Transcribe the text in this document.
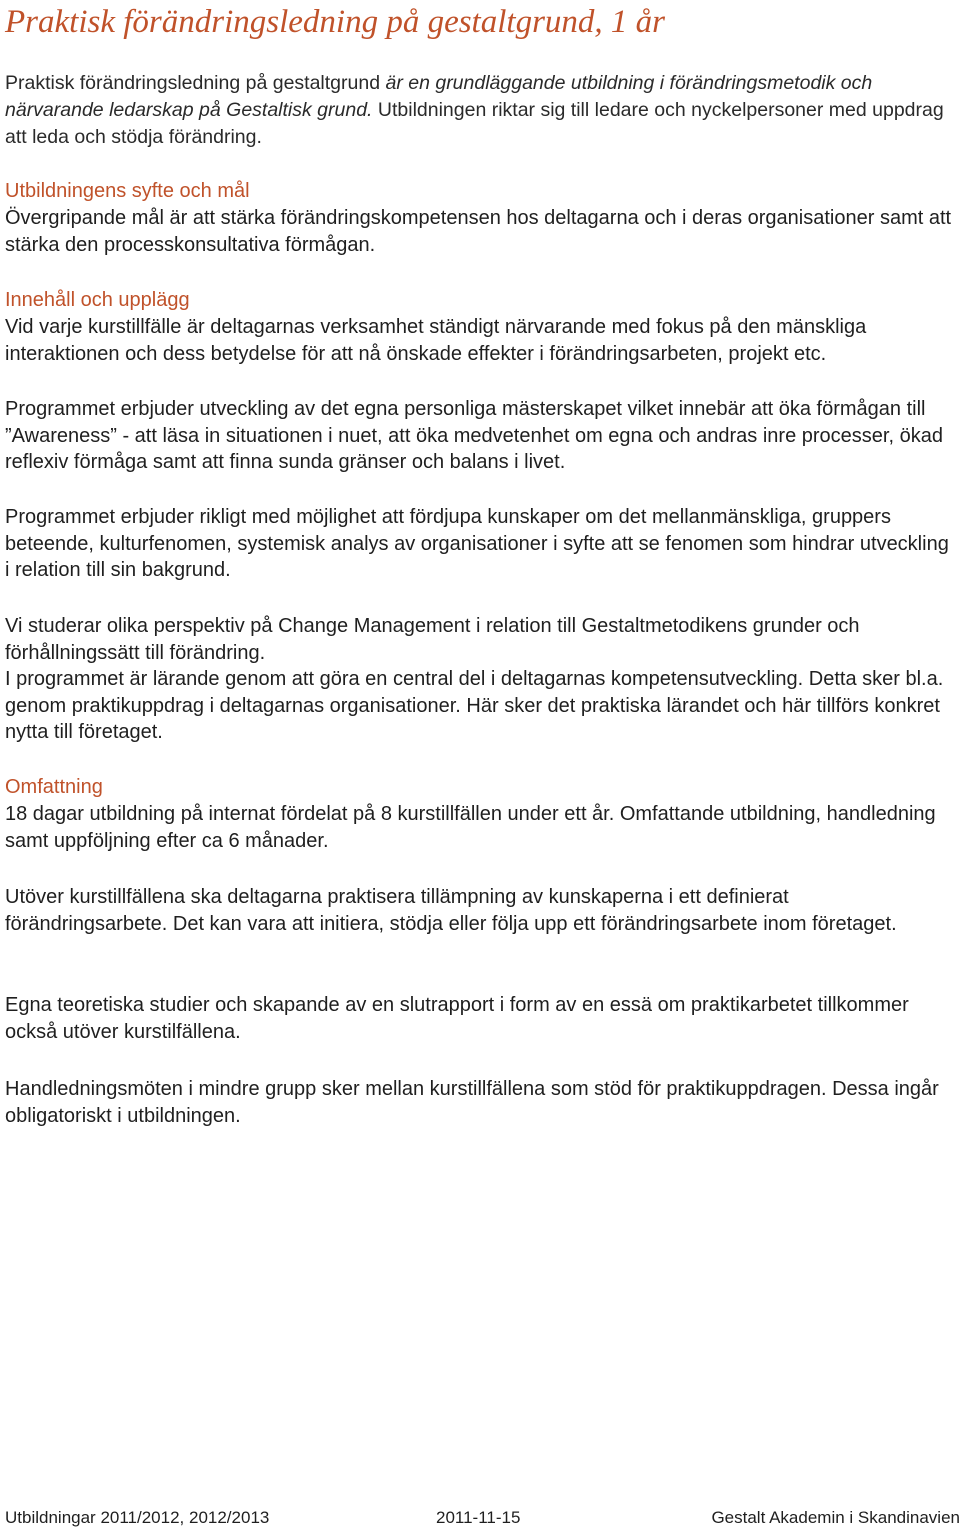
Praktisk förändringsledning på gestaltgrund, 1 år

Praktisk förändringsledning på gestaltgrund är en grundläggande utbildning i förändringsmetodik och närvarande ledarskap på Gestaltisk grund. Utbildningen riktar sig till ledare och nyckelpersoner med uppdrag att leda och stödja förändring.

Utbildningens syfte och mål

Övergripande mål är att stärka förändringskompetensen hos deltagarna och i deras organisationer samt att stärka den processkonsultativa förmågan.

Innehåll och upplägg

Vid varje kurstillfälle är deltagarnas verksamhet ständigt närvarande med fokus på den mänskliga interaktionen och dess betydelse för att nå önskade effekter i förändringsarbeten, projekt etc.

Programmet erbjuder utveckling av det egna personliga mästerskapet vilket innebär att öka förmågan till ”Awareness” - att läsa in situationen i nuet, att öka medvetenhet om egna och andras inre processer, ökad reflexiv förmåga samt att finna sunda gränser och balans i livet.

Programmet erbjuder rikligt med möjlighet att fördjupa kunskaper om det mellanmänskliga, gruppers beteende, kulturfenomen, systemisk analys av organisationer i syfte att se fenomen som hindrar utveckling i relation till sin bakgrund.

Vi studerar olika perspektiv på Change Management i relation till Gestaltmetodikens grunder och förhållningssätt till förändring.

I programmet är lärande genom att göra en central del i deltagarnas kompetensutveckling. Detta sker bl.a. genom praktikuppdrag i deltagarnas organisationer. Här sker det praktiska lärandet och här tillförs konkret nytta till företaget.

Omfattning

18 dagar utbildning på internat fördelat på 8 kurstillfällen under ett år. Omfattande utbildning, handledning samt uppföljning efter ca 6 månader.

Utöver kurstillfällena ska deltagarna praktisera tillämpning av kunskaperna i ett definierat förändringsarbete. Det kan vara att initiera, stödja eller följa upp ett förändringsarbete inom företaget.

Egna teoretiska studier och skapande av en slutrapport i form av en essä om praktikarbetet tillkommer också utöver kurstilfällena.

Handledningsmöten i mindre grupp sker mellan kurstillfällena som stöd för praktikuppdragen. Dessa ingår obligatoriskt i utbildningen.

Utbildningar 2011/2012, 2012/2013	2011-11-15	Gestalt Akademin i Skandinavien
